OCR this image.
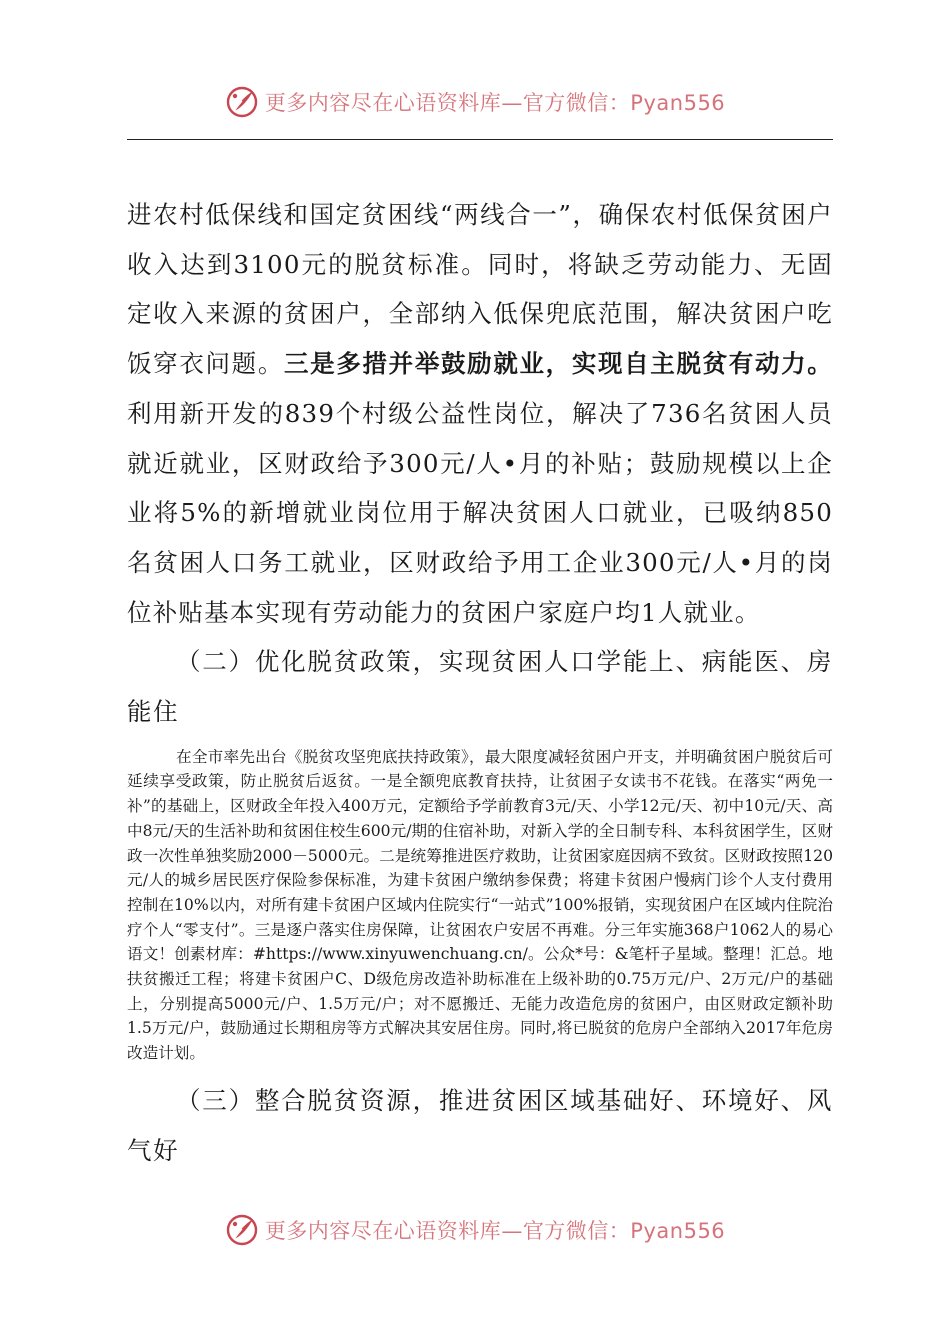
更多内容尽在心语资料库—官方微信：Pyan556

进农村低保线和国定贫困线“两线合一”，确保农村低保贫困户收入达到3100元的脱贫标准。同时，将缺乏劳动能力、无固定收入来源的贫困户，全部纳入低保兜底范围，解决贫困户吃饭穿衣问题。三是多措并举鼓励就业，实现自主脱贫有动力。利用新开发的839个村级公益性岗位，解决了736名贫困人员就近就业，区财政给予300元/人•月的补贴；鼓励规模以上企业将5%的新增就业岗位用于解决贫困人口就业，已吸纳850名贫困人口务工就业，区财政给予用工企业300元/人•月的岗位补贴基本实现有劳动能力的贫困户家庭户均1人就业。

（二）优化脱贫政策，实现贫困人口学能上、病能医、房能住

在全市率先出台《脱贫攻坚兜底扶持政策》，最大限度减轻贫困户开支，并明确贫困户脱贫后可延续享受政策，防止脱贫后返贫。一是全额兜底教育扶持，让贫困子女读书不花钱。在落实“两免一补”的基础上，区财政全年投入400万元，定额给予学前教育3元/天、小学12元/天、初中10元/天、高中8元/天的生活补助和贫困住校生600元/期的住宿补助，对新入学的全日制专科、本科贫困学生，区财政一次性单独奖励2000－5000元。二是统筹推进医疗救助，让贫困家庭因病不致贫。区财政按照120元/人的城乡居民医疗保险参保标准，为建卡贫困户缴纳参保费；将建卡贫困户慢病门诊个人支付费用控制在10%以内，对所有建卡贫困户区域内住院实行“一站式”100%报销，实现贫困户在区域内住院治疗个人“零支付”。三是逐户落实住房保障，让贫困农户安居不再难。分三年实施368户1062人的易心语文！创素材库：#https://www.xinyuwenchuang.cn/。公众*号：&笔杆子星域。整理！汇总。地扶贫搬迁工程；将建卡贫困户C、D级危房改造补助标准在上级补助的0.75万元/户、2万元/户的基础上，分别提高5000元/户、1.5万元/户；对不愿搬迁、无能力改造危房的贫困户，由区财政定额补助1.5万元/户，鼓励通过长期租房等方式解决其安居住房。同时,将已脱贫的危房户全部纳入2017年危房改造计划。

（三）整合脱贫资源，推进贫困区域基础好、环境好、风气好

更多内容尽在心语资料库—官方微信：Pyan556
